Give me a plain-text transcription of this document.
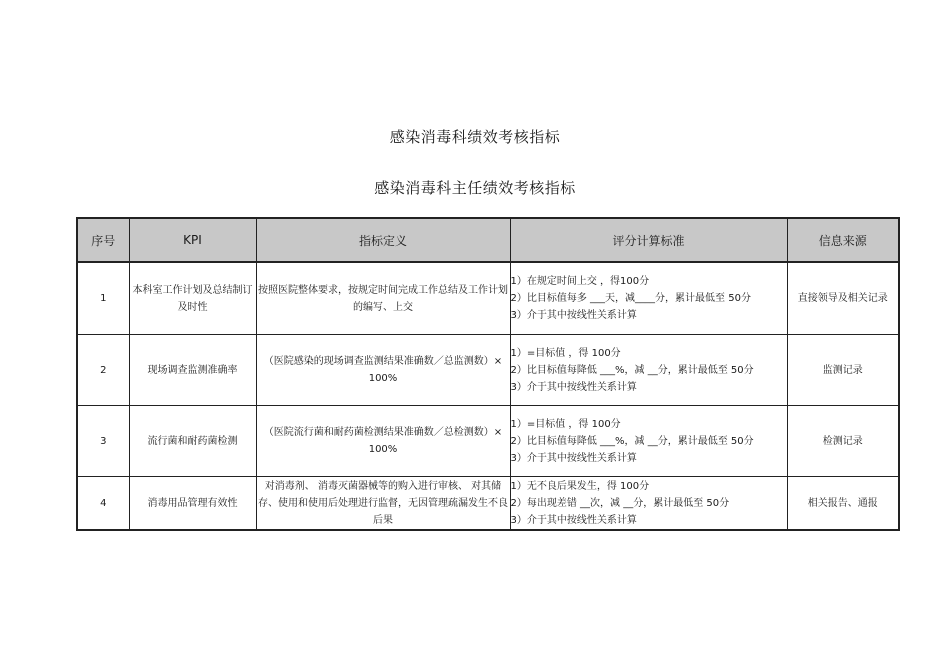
感染消毒科绩效考核指标
感染消毒科主任绩效考核指标
序号	KPI	指标定义	评分计算标准	信息来源
1	本科室工作计划及总结制订及时性	按照医院整体要求，按规定时间完成工作总结及工作计划的编写、上交	1）在规定时间上交 ，得100分
2）比目标值每多 ___天，减____分，累计最低至 50分
3）介于其中按线性关系计算	直接领导及相关记录
2	现场调查监测准确率	（医院感染的现场调查监测结果准确数／总监测数）× 100%	1）=目标值 ，得 100分
2）比目标值每降低 ___%，减 __分，累计最低至 50分
3）介于其中按线性关系计算	监测记录
3	流行菌和耐药菌检测	（医院流行菌和耐药菌检测结果准确数／总检测数）× 100%	1）=目标值 ，得 100分
2）比目标值每降低 ___%，减 __分，累计最低至 50分
3）介于其中按线性关系计算	检测记录
4	消毒用品管理有效性	对消毒剂、 消毒灭菌器械等的购入进行审核、 对其储存、使用和使用后处理进行监督，无因管理疏漏发生不良后果	1）无不良后果发生，得 100分
2）每出现差错 __次，减 __分，累计最低至 50分
3）介于其中按线性关系计算	相关报告、通报
